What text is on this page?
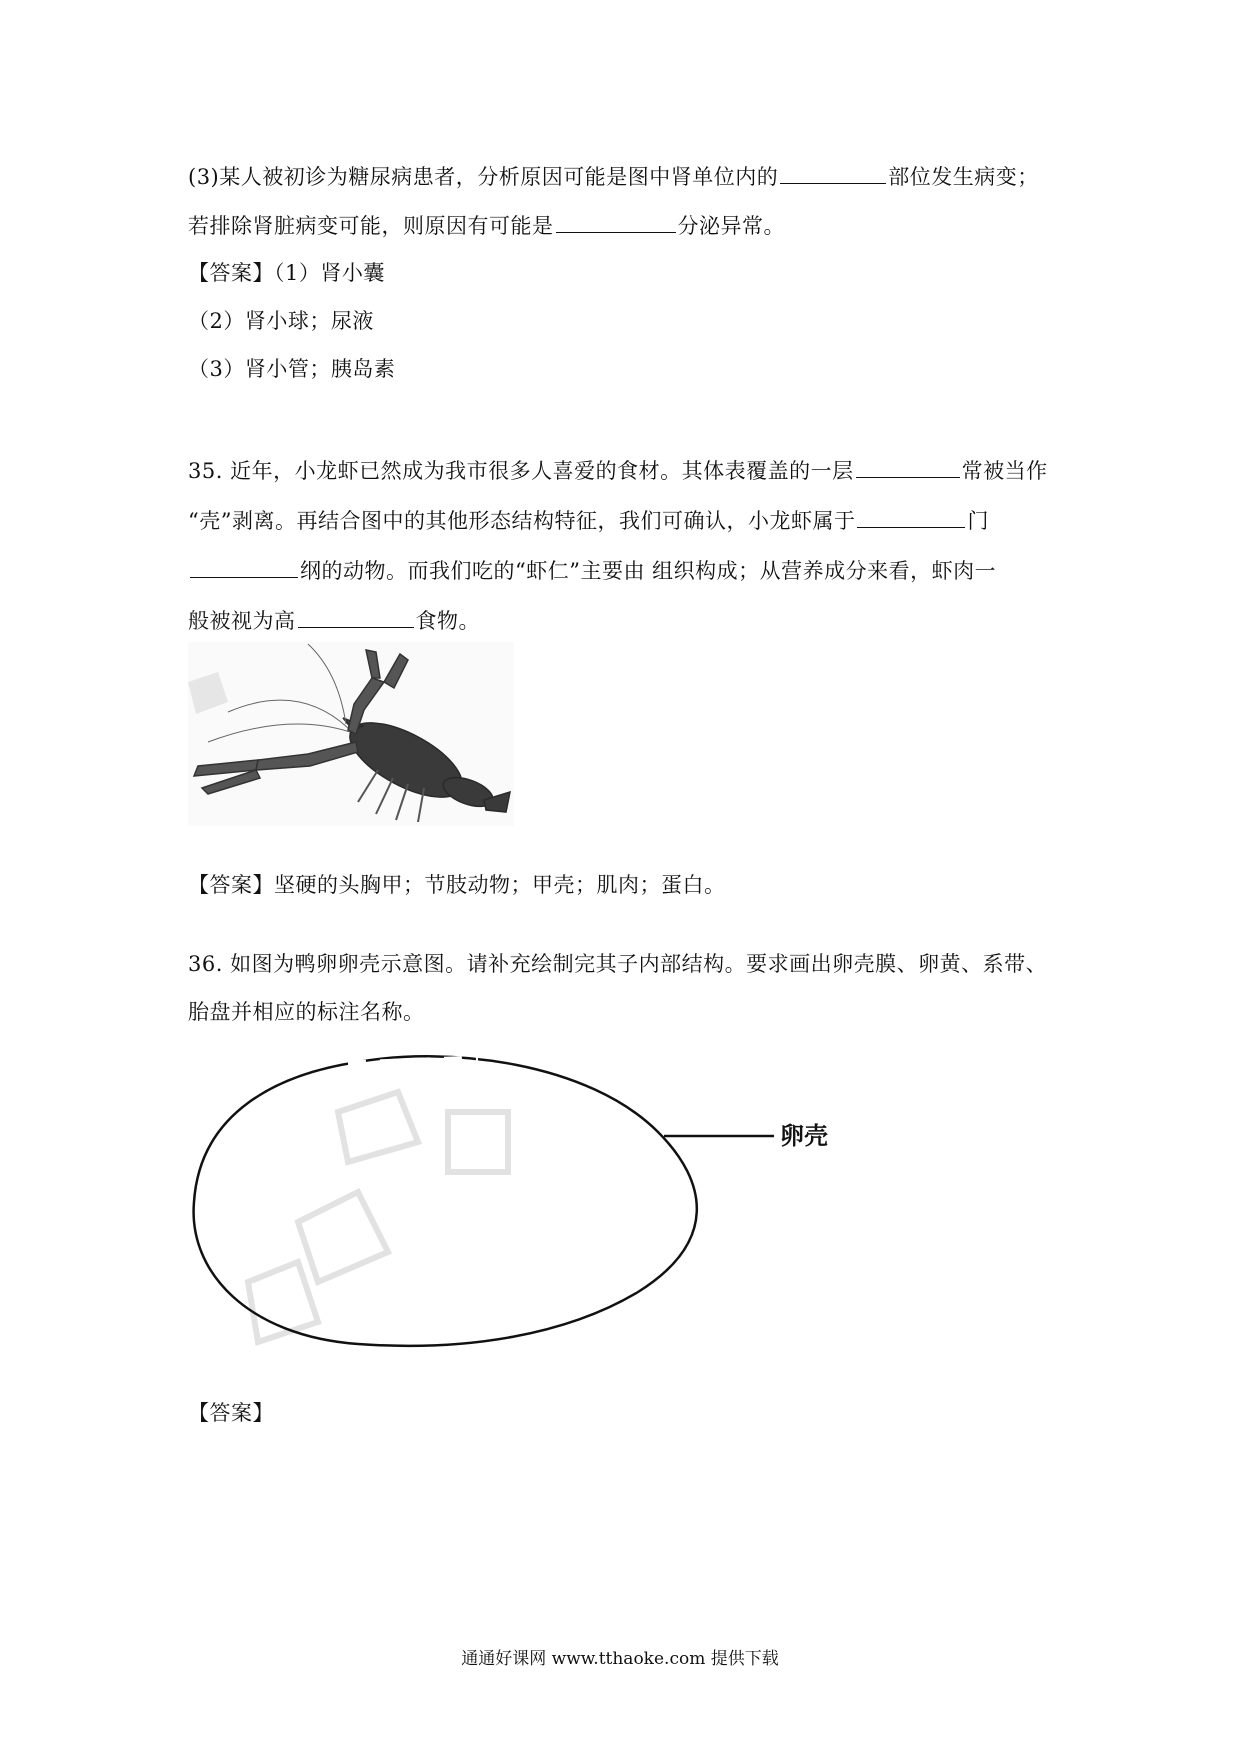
(3)某人被初诊为糖尿病患者，分析原因可能是图中肾单位内的	部位发生病变；
若排除肾脏病变可能，则原因有可能是	分泌异常。
【答案】（1）肾小囊
（2）肾小球；尿液
（3）肾小管；胰岛素
35. 近年，小龙虾已然成为我市很多人喜爱的食材。其体表覆盖的一层	常被当作
“壳”剥离。再结合图中的其他形态结构特征，我们可确认，小龙虾属于	门
纲的动物。而我们吃的“虾仁”主要由 组织构成；从营养成分来看，虾肉一
般被视为高	食物。
【答案】坚硬的头胸甲；节肢动物；甲壳；肌肉；蛋白。
36. 如图为鸭卵卵壳示意图。请补充绘制完其子内部结构。要求画出卵壳膜、卵黄、系带、
胎盘并相应的标注名称。
卵壳
【答案】
通通好课网 www.tthaoke.com 提供下载
